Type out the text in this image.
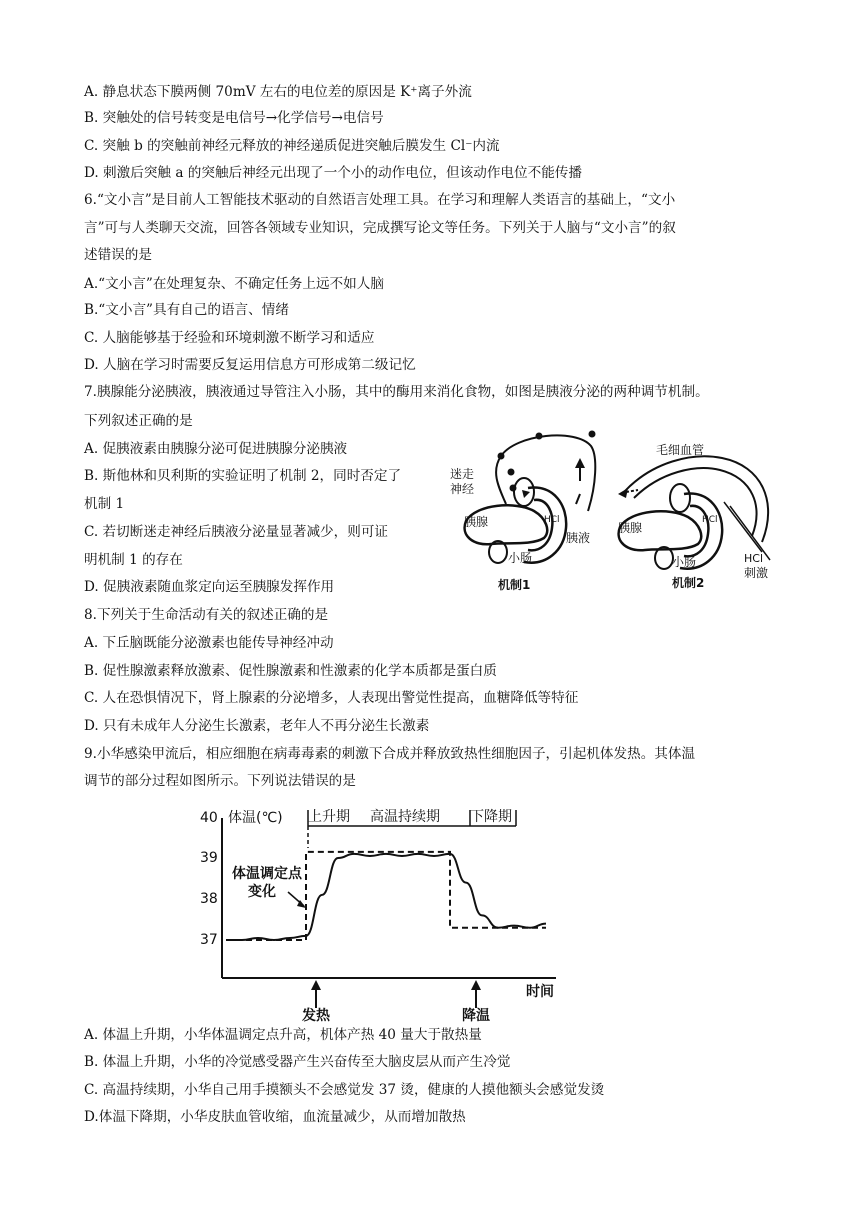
A. 静息状态下膜两侧 70mV 左右的电位差的原因是 K⁺离子外流
B. 突触处的信号转变是电信号→化学信号→电信号
C. 突触 b 的突触前神经元释放的神经递质促进突触后膜发生 Cl⁻内流
D. 刺激后突触 a 的突触后神经元出现了一个小的动作电位，但该动作电位不能传播
6.“文小言”是目前人工智能技术驱动的自然语言处理工具。在学习和理解人类语言的基础上，“文小
言”可与人类聊天交流，回答各领域专业知识，完成撰写论文等任务。下列关于人脑与“文小言”的叙
述错误的是
A.“文小言”在处理复杂、不确定任务上远不如人脑
B.“文小言”具有自己的语言、情绪
C. 人脑能够基于经验和环境刺激不断学习和适应
D. 人脑在学习时需要反复运用信息方可形成第二级记忆
7.胰腺能分泌胰液，胰液通过导管注入小肠，其中的酶用来消化食物，如图是胰液分泌的两种调节机制。
下列叙述正确的是
A. 促胰液素由胰腺分泌可促进胰腺分泌胰液
B. 斯他林和贝利斯的实验证明了机制 2，同时否定了
机制 1
C. 若切断迷走神经后胰液分泌量显著减少，则可证
明机制 1 的存在
D. 促胰液素随血浆定向运至胰腺发挥作用
8.下列关于生命活动有关的叙述正确的是
A. 下丘脑既能分泌激素也能传导神经冲动
B. 促性腺激素释放激素、促性腺激素和性激素的化学本质都是蛋白质
C. 人在恐惧情况下，肾上腺素的分泌增多，人表现出警觉性提高，血糖降低等特征
D. 只有未成年人分泌生长激素，老年人不再分泌生长激素
9.小华感染甲流后，相应细胞在病毒毒素的刺激下合成并释放致热性细胞因子，引起机体发热。其体温
调节的部分过程如图所示。下列说法错误的是
A. 体温上升期，小华体温调定点升高，机体产热 40 量大于散热量
B. 体温上升期，小华的冷觉感受器产生兴奋传至大脑皮层从而产生冷觉
C. 高温持续期，小华自己用手摸额头不会感觉发 37 烫，健康的人摸他额头会感觉发烫
D.体温下降期，小华皮肤血管收缩，血流量减少，从而增加散热
迷走
神经
胰腺	HCl
胰液
小肠
机制1
毛细血管
胰腺
HCl
小肠	HCl
刺激
机制2
40
39
38
37
体温(℃) 上升期 高温持续期 下降期
体温调定点
变化
发热	降温
时间
